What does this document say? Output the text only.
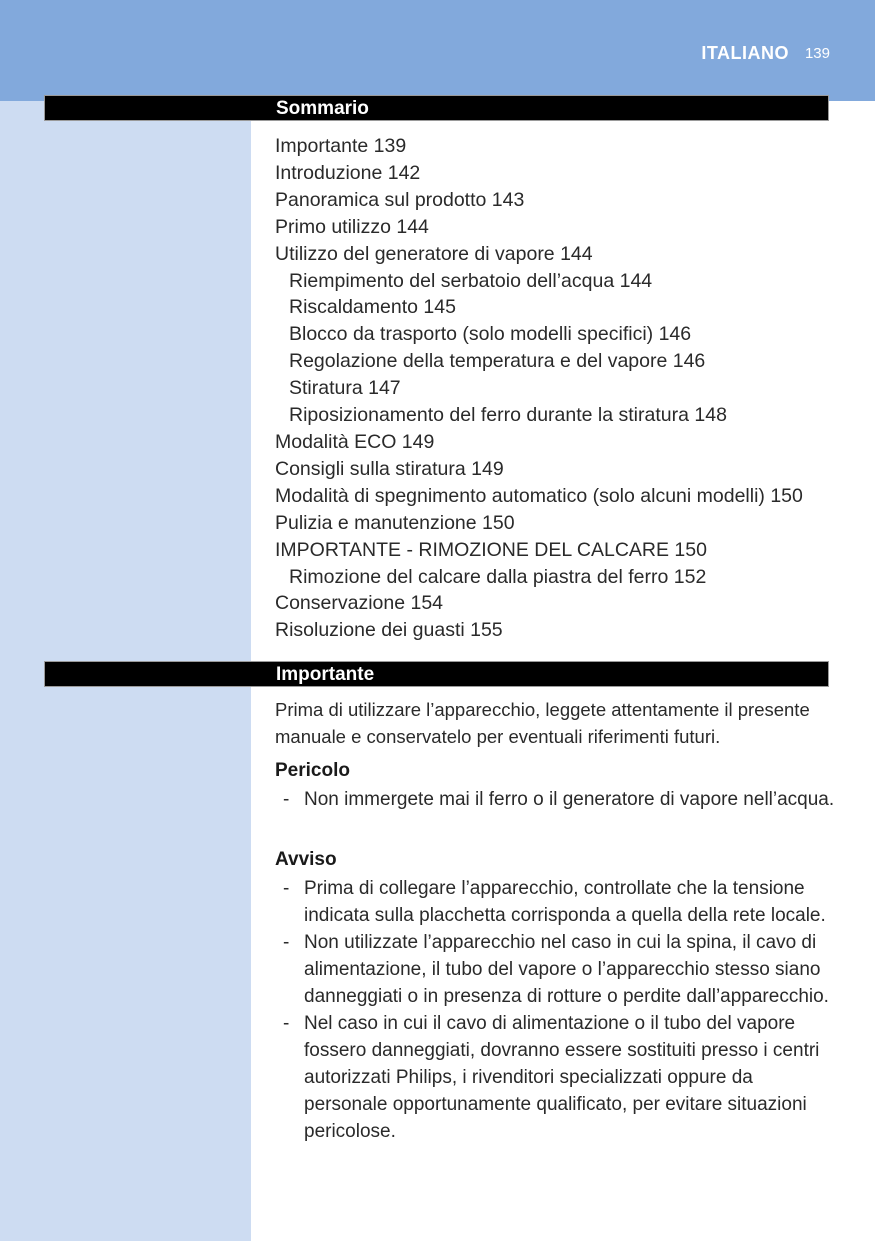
ITALIANO 139
Sommario
Importante 139
Introduzione 142
Panoramica sul prodotto 143
Primo utilizzo 144
Utilizzo del generatore di vapore 144
Riempimento del serbatoio dell’acqua 144
Riscaldamento 145
Blocco da trasporto (solo modelli specifici) 146
Regolazione della temperatura e del vapore 146
Stiratura 147
Riposizionamento del ferro durante la stiratura 148
Modalità ECO 149
Consigli sulla stiratura 149
Modalità di spegnimento automatico (solo alcuni modelli) 150
Pulizia e manutenzione 150
IMPORTANTE - RIMOZIONE DEL CALCARE 150
Rimozione del calcare dalla piastra del ferro 152
Conservazione 154
Risoluzione dei guasti 155
Importante

Prima di utilizzare l’apparecchio, leggete attentamente il presente manuale e conservatelo per eventuali riferimenti futuri.

Pericolo
- Non immergete mai il ferro o il generatore di vapore nell’acqua.
Avviso
- Prima di collegare l’apparecchio, controllate che la tensione indicata sulla placchetta corrisponda a quella della rete locale.
- Non utilizzate l’apparecchio nel caso in cui la spina, il cavo di alimentazione, il tubo del vapore o l’apparecchio stesso siano danneggiati o in presenza di rotture o perdite dall’apparecchio.
- Nel caso in cui il cavo di alimentazione o il tubo del vapore fossero danneggiati, dovranno essere sostituiti presso i centri autorizzati Philips, i rivenditori specializzati oppure da personale opportunamente qualificato, per evitare situazioni pericolose.
